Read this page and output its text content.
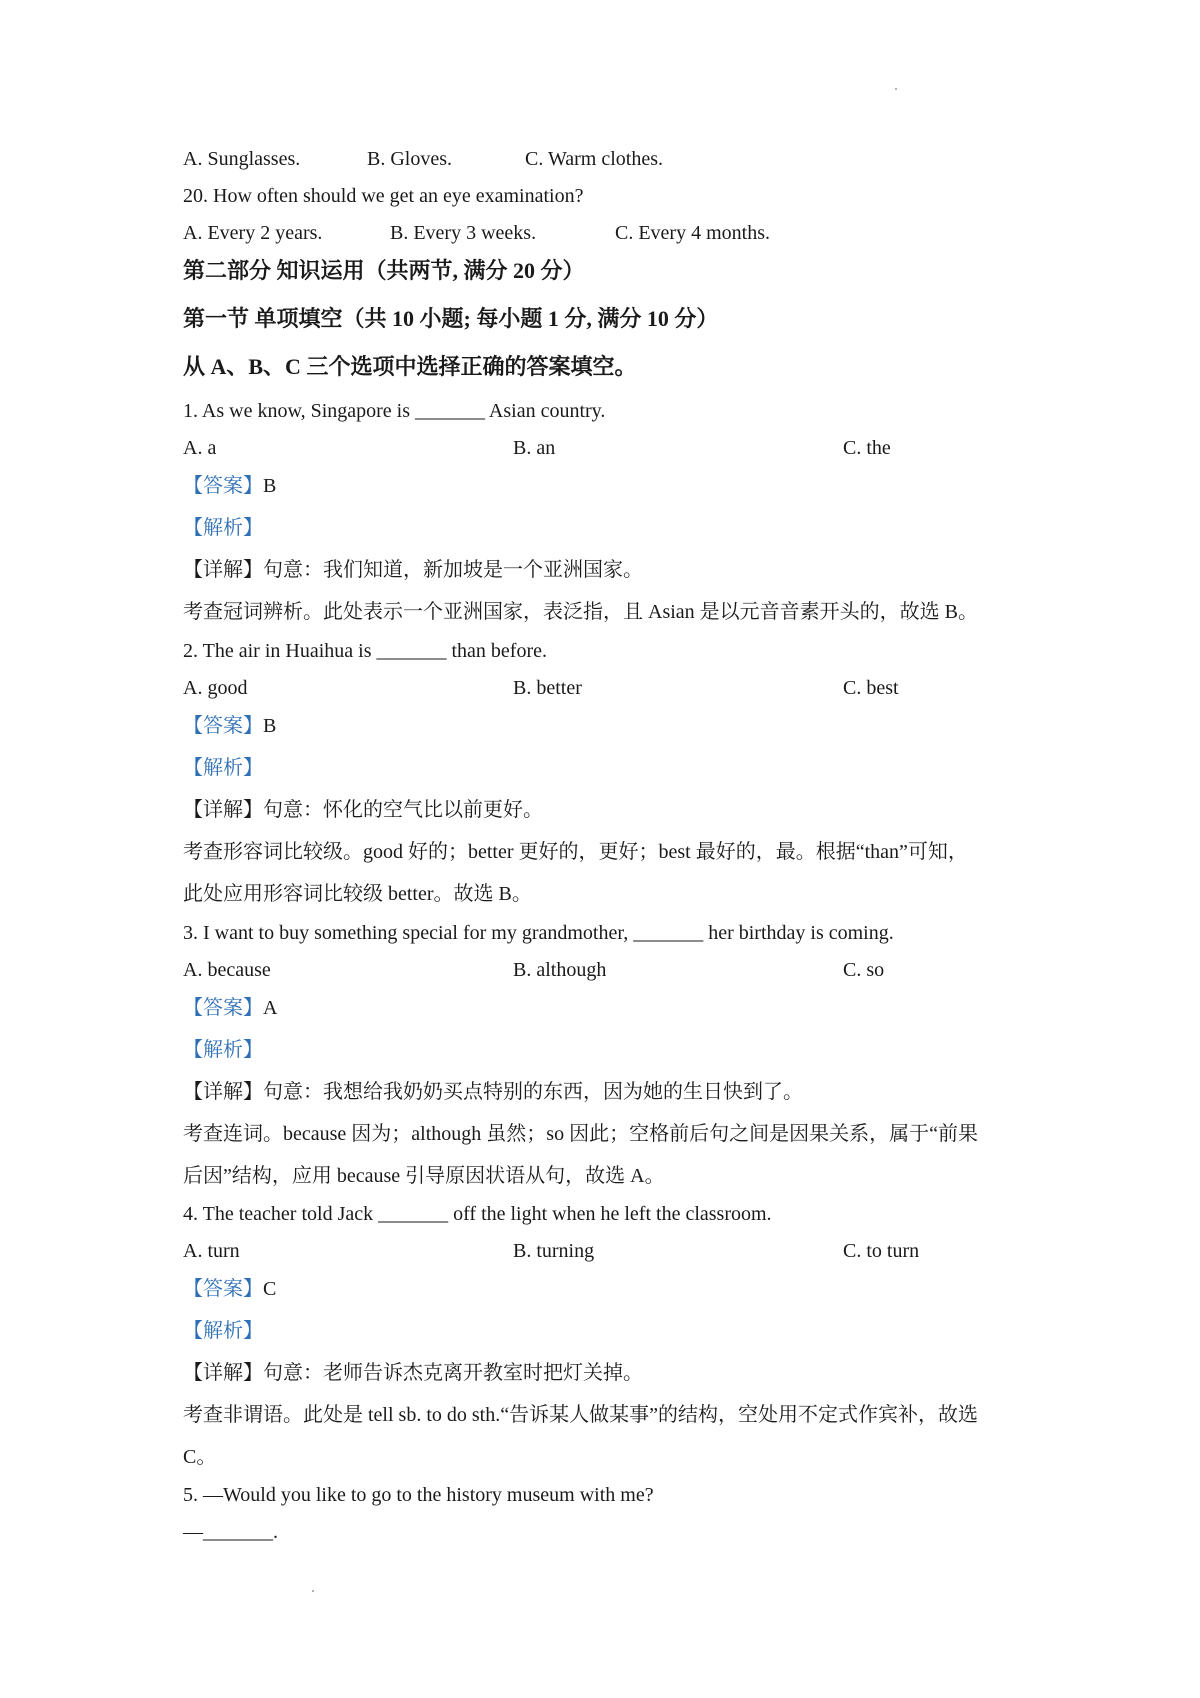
A. Sunglasses.	B. Gloves.	C. Warm clothes.
20. How often should we get an eye examination?
A. Every 2 years.	B. Every 3 weeks.	C. Every 4 months.
第二部分 知识运用（共两节, 满分 20 分）
第一节 单项填空（共 10 小题; 每小题 1 分, 满分 10 分）
从 A、B、C 三个选项中选择正确的答案填空。
1. As we know, Singapore is _______ Asian country.
A. a	B. an	C. the
【答案】B
【解析】
【详解】句意：我们知道，新加坡是一个亚洲国家。
考查冠词辨析。此处表示一个亚洲国家，表泛指，且 Asian 是以元音音素开头的，故选 B。
2. The air in Huaihua is _______ than before.
A. good	B. better	C. best
【答案】B
【解析】
【详解】句意：怀化的空气比以前更好。
考查形容词比较级。good 好的；better 更好的，更好；best 最好的，最。根据“than”可知，
此处应用形容词比较级 better。故选 B。
3. I want to buy something special for my grandmother, _______ her birthday is coming.
A. because	B. although	C. so
【答案】A
【解析】
【详解】句意：我想给我奶奶买点特别的东西，因为她的生日快到了。
考查连词。because 因为；although 虽然；so 因此；空格前后句之间是因果关系，属于“前果
后因”结构，应用 because 引导原因状语从句，故选 A。
4. The teacher told Jack _______ off the light when he left the classroom.
A. turn	B. turning	C. to turn
【答案】C
【解析】
【详解】句意：老师告诉杰克离开教室时把灯关掉。
考查非谓语。此处是 tell sb. to do sth.“告诉某人做某事”的结构，空处用不定式作宾补，故选
C。
5. —Would you like to go to the history museum with me?
—_______.
